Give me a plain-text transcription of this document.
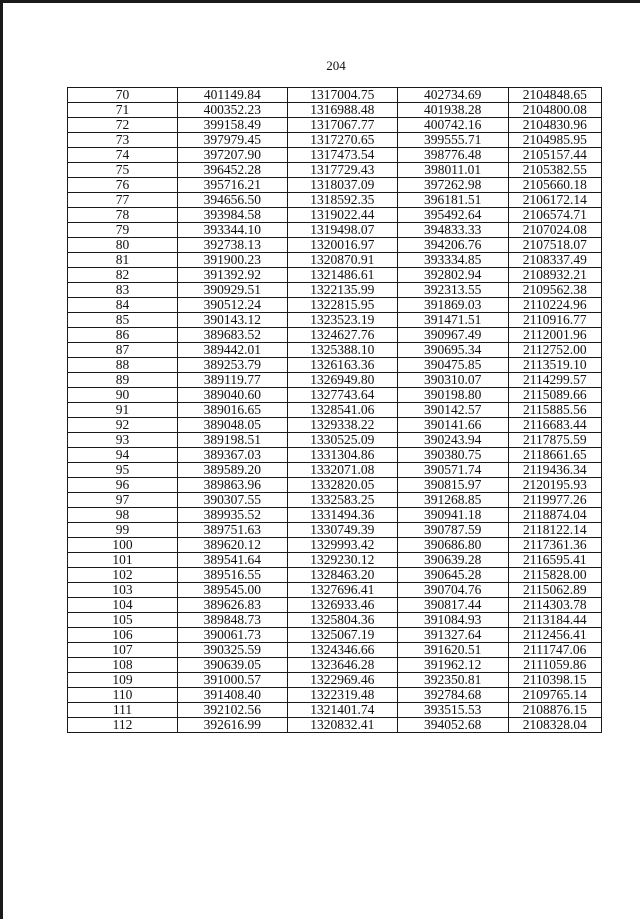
204
70	401149.84	1317004.75	402734.69	2104848.65
71	400352.23	1316988.48	401938.28	2104800.08
72	399158.49	1317067.77	400742.16	2104830.96
73	397979.45	1317270.65	399555.71	2104985.95
74	397207.90	1317473.54	398776.48	2105157.44
75	396452.28	1317729.43	398011.01	2105382.55
76	395716.21	1318037.09	397262.98	2105660.18
77	394656.50	1318592.35	396181.51	2106172.14
78	393984.58	1319022.44	395492.64	2106574.71
79	393344.10	1319498.07	394833.33	2107024.08
80	392738.13	1320016.97	394206.76	2107518.07
81	391900.23	1320870.91	393334.85	2108337.49
82	391392.92	1321486.61	392802.94	2108932.21
83	390929.51	1322135.99	392313.55	2109562.38
84	390512.24	1322815.95	391869.03	2110224.96
85	390143.12	1323523.19	391471.51	2110916.77
86	389683.52	1324627.76	390967.49	2112001.96
87	389442.01	1325388.10	390695.34	2112752.00
88	389253.79	1326163.36	390475.85	2113519.10
89	389119.77	1326949.80	390310.07	2114299.57
90	389040.60	1327743.64	390198.80	2115089.66
91	389016.65	1328541.06	390142.57	2115885.56
92	389048.05	1329338.22	390141.66	2116683.44
93	389198.51	1330525.09	390243.94	2117875.59
94	389367.03	1331304.86	390380.75	2118661.65
95	389589.20	1332071.08	390571.74	2119436.34
96	389863.96	1332820.05	390815.97	2120195.93
97	390307.55	1332583.25	391268.85	2119977.26
98	389935.52	1331494.36	390941.18	2118874.04
99	389751.63	1330749.39	390787.59	2118122.14
100	389620.12	1329993.42	390686.80	2117361.36
101	389541.64	1329230.12	390639.28	2116595.41
102	389516.55	1328463.20	390645.28	2115828.00
103	389545.00	1327696.41	390704.76	2115062.89
104	389626.83	1326933.46	390817.44	2114303.78
105	389848.73	1325804.36	391084.93	2113184.44
106	390061.73	1325067.19	391327.64	2112456.41
107	390325.59	1324346.66	391620.51	2111747.06
108	390639.05	1323646.28	391962.12	2111059.86
109	391000.57	1322969.46	392350.81	2110398.15
110	391408.40	1322319.48	392784.68	2109765.14
111	392102.56	1321401.74	393515.53	2108876.15
112	392616.99	1320832.41	394052.68	2108328.04
